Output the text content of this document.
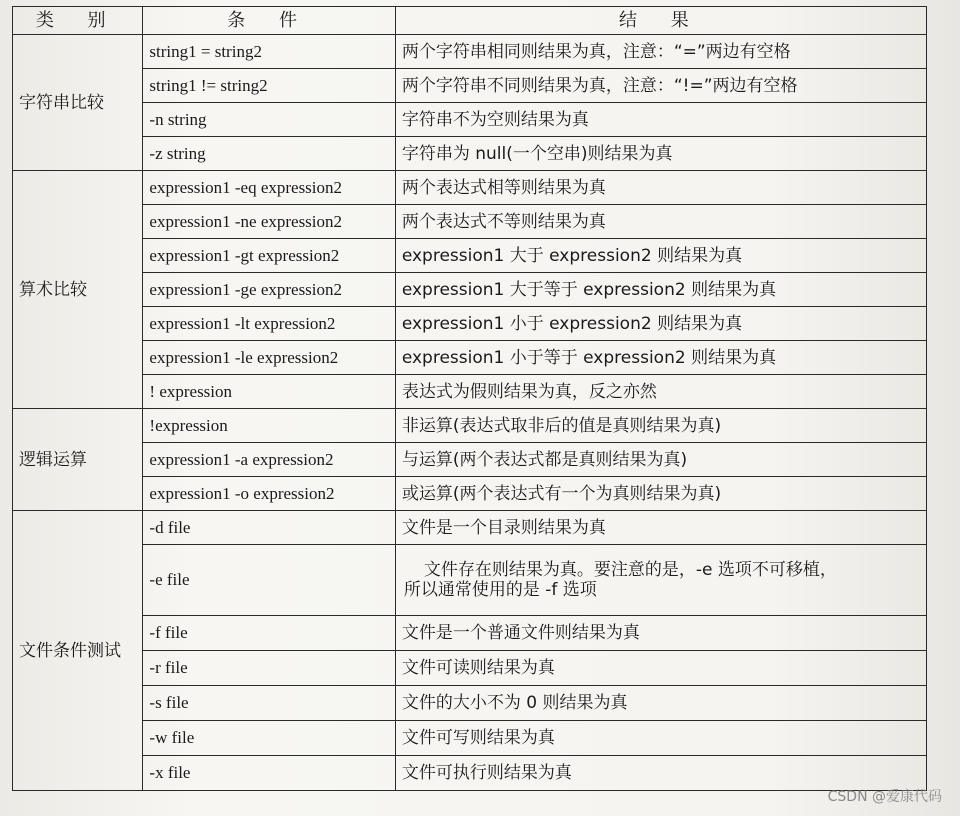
类 别	条 件	结 果
字符串比较	string1 = string2	两个字符串相同则结果为真，注意：“=”两边有空格
	string1 != string2	两个字符串不同则结果为真，注意：“!=”两边有空格
	-n string	字符串不为空则结果为真
	-z string	字符串为 null(一个空串)则结果为真
算术比较	expression1 -eq expression2	两个表达式相等则结果为真
	expression1 -ne expression2	两个表达式不等则结果为真
	expression1 -gt expression2	expression1 大于 expression2 则结果为真
	expression1 -ge expression2	expression1 大于等于 expression2 则结果为真
	expression1 -lt expression2	expression1 小于 expression2 则结果为真
	expression1 -le expression2	expression1 小于等于 expression2 则结果为真
	! expression	表达式为假则结果为真，反之亦然
逻辑运算	!expression	非运算(表达式取非后的值是真则结果为真)
	expression1 -a expression2	与运算(两个表达式都是真则结果为真)
	expression1 -o expression2	或运算(两个表达式有一个为真则结果为真)
文件条件测试	-d file	文件是一个目录则结果为真
	-e file	文件存在则结果为真。要注意的是，-e 选项不可移植，
所以通常使用的是 -f 选项

	-f file	文件是一个普通文件则结果为真
	-r file	文件可读则结果为真
	-s file	文件的大小不为 0 则结果为真
	-w file	文件可写则结果为真
	-x file	文件可执行则结果为真
CSDN @爱康代码
